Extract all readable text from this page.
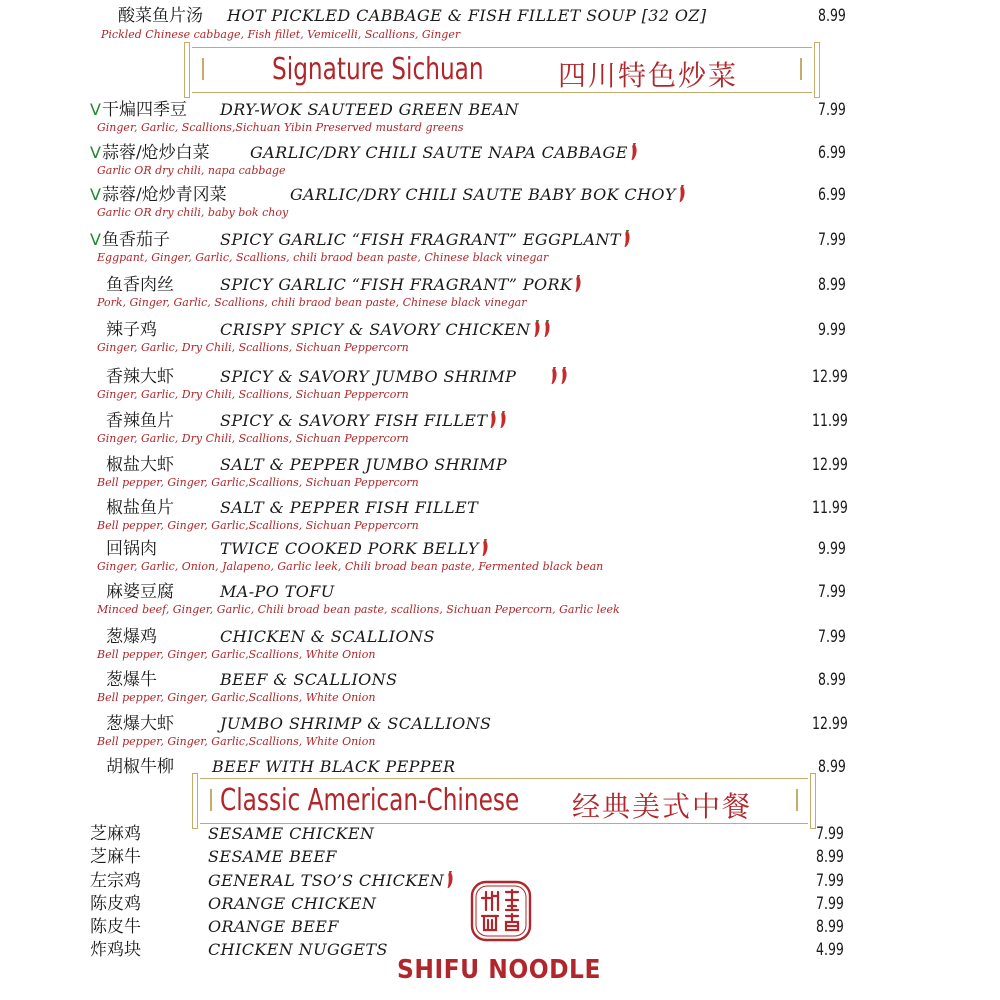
酸菜鱼片汤 HOT PICKLED CABBAGE & FISH FILLET SOUP [32 OZ]	8.99
Pickled Chinese cabbage, Fish fillet, Vemicelli, Scallions, Ginger
Signature Sichuan	四川特色炒菜
V干煸四季豆 DRY-WOK SAUTEED GREEN BEAN	7.99
Ginger, Garlic, Scallions,Sichuan Yibin Preserved mustard greens
V蒜蓉/炝炒白菜	GARLIC/DRY CHILI SAUTE NAPA CABBAGE	6.99
Garlic OR dry chili, napa cabbage
V蒜蓉/炝炒青冈菜	GARLIC/DRY CHILI SAUTE BABY BOK CHOY	6.99
Garlic OR dry chili, baby bok choy
V鱼香茄子	SPICY GARLIC “FISH FRAGRANT” EGGPLANT	7.99
Eggpant, Ginger, Garlic, Scallions, chili braod bean paste, Chinese black vinegar
鱼香肉丝	SPICY GARLIC “FISH FRAGRANT” PORK	8.99
Pork, Ginger, Garlic, Scallions, chili braod bean paste, Chinese black vinegar
辣子鸡	CRISPY SPICY & SAVORY CHICKEN	9.99
Ginger, Garlic, Dry Chili, Scallions, Sichuan Peppercorn
香辣大虾	SPICY & SAVORY JUMBO SHRIMP	12.99
Ginger, Garlic, Dry Chili, Scallions, Sichuan Peppercorn
香辣鱼片	SPICY & SAVORY FISH FILLET	11.99
Ginger, Garlic, Dry Chili, Scallions, Sichuan Peppercorn
椒盐大虾	SALT & PEPPER JUMBO SHRIMP	12.99
Bell pepper, Ginger, Garlic,Scallions, Sichuan Peppercorn
椒盐鱼片	SALT & PEPPER FISH FILLET	11.99
Bell pepper, Ginger, Garlic,Scallions, Sichuan Peppercorn
回锅肉	TWICE COOKED PORK BELLY	9.99
Ginger, Garlic, Onion, Jalapeno, Garlic leek, Chili broad bean paste, Fermented black bean
麻婆豆腐	MA-PO TOFU	7.99
Minced beef, Ginger, Garlic, Chili broad bean paste, scallions, Sichuan Pepercorn, Garlic leek
葱爆鸡	CHICKEN & SCALLIONS	7.99
Bell pepper, Ginger, Garlic,Scallions, White Onion
葱爆牛	BEEF & SCALLIONS	8.99
Bell pepper, Ginger, Garlic,Scallions, White Onion
葱爆大虾	JUMBO SHRIMP & SCALLIONS	12.99
Bell pepper, Ginger, Garlic,Scallions, White Onion
胡椒牛柳 BEEF WITH BLACK PEPPER	8.99
Classic American-Chinese 经典美式中餐
芝麻鸡	SESAME CHICKEN	7.99
芝麻牛	SESAME BEEF	8.99
左宗鸡	GENERAL TSO’S CHICKEN	7.99
陈皮鸡	ORANGE CHICKEN	7.99
陈皮牛	ORANGE BEEF	8.99
炸鸡块	CHICKEN NUGGETS	4.99
SHIFU NOODLE
